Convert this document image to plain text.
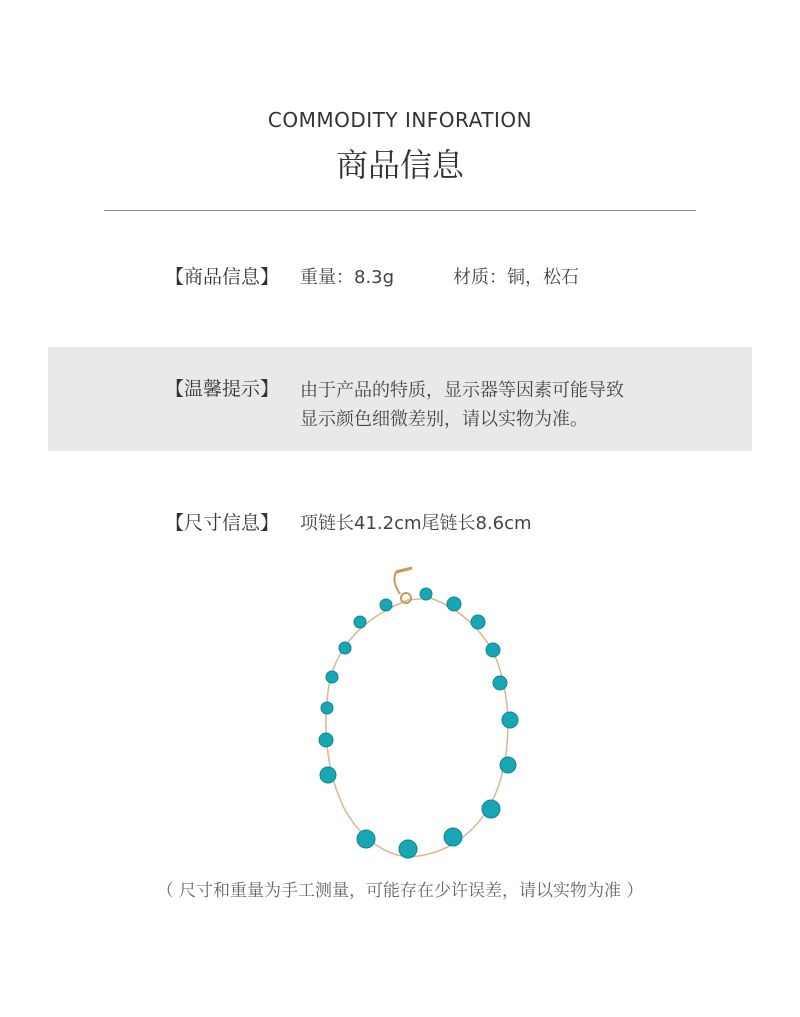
COMMODITY INFORATION
商品信息
【商品信息】 重量：8.3g	材质：铜，松石
【温馨提示】 由于产品的特质，显示器等因素可能导致
显示颜色细微差别，请以实物为准。
【尺寸信息】 项链长41.2cm尾链长8.6cm
（ 尺寸和重量为手工测量，可能存在少许误差，请以实物为准 ）
